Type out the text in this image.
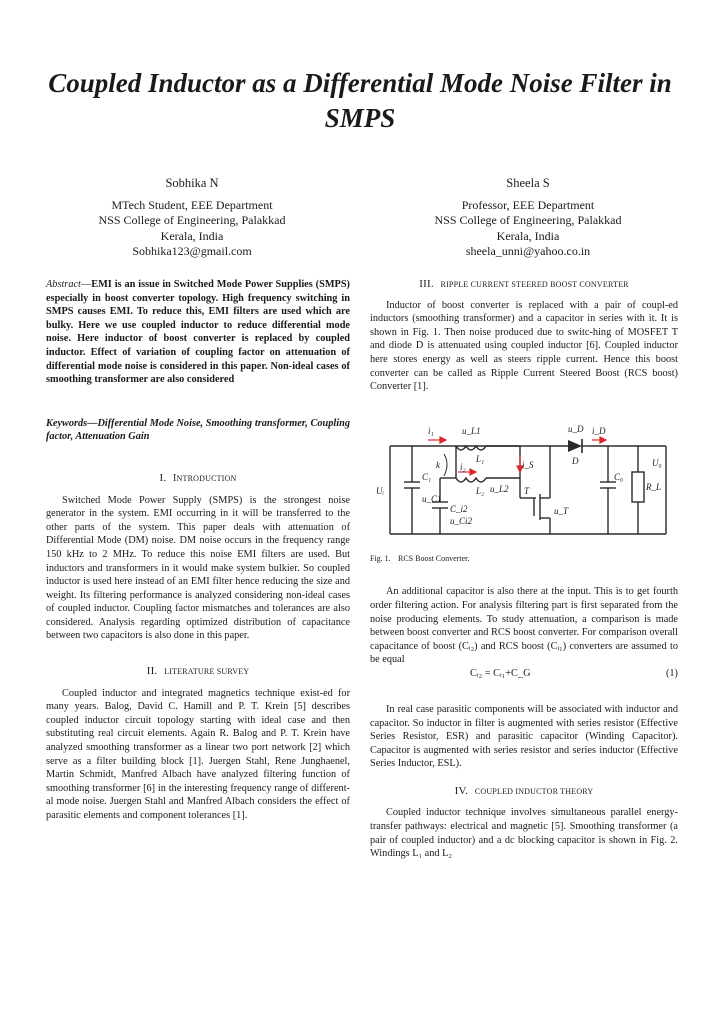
Coupled Inductor as a Differential Mode Noise Filter in SMPS
Sobhika N
MTech Student, EEE Department
NSS College of Engineering, Palakkad
Kerala, India
Sobhika123@gmail.com
Sheela S
Professor, EEE Department
NSS College of Engineering, Palakkad
Kerala, India
sheela_unni@yahoo.co.in

Abstract—EMI is an issue in Switched Mode Power Supplies (SMPS) especially in boost converter topology. High frequency switching in SMPS causes EMI. To reduce this, EMI filters are used which are bulky. Here we use coupled inductor to reduce differential mode noise. Here inductor of boost converter is replaced by coupled inductor. Effect of variation of coupling factor on attenuation of differential mode noise is considered in this paper. Non-ideal cases of smoothing transformer are also considered

Keywords—Differential Mode Noise, Smoothing transformer, Coupling factor, Attenuation Gain

I. INTRODUCTION

Switched Mode Power Supply (SMPS) is the strongest noise generator in the system. EMI occurring in it will be transferred to the other parts of the system. This paper deals with attenuation of Differential Mode (DM) noise. DM noise occurs in the frequency range 150 kHz to 2 MHz. To reduce this noise EMI filters are used. But inductors and transformers in it would make system bulkier. So coupled inductor is used here instead of an EMI filter hence reducing the size and weight. Its filtering performance is analyzed considering non-ideal cases of coupled inductor. Coupling factor mismatches and tolerances are also considered. Analysis regarding optimized distribution of capacitance between two capacitors is also done in this paper.

II. LITERATURE SURVEY

Coupled inductor and integrated magnetics technique exist-ed for many years. Balog, David C. Hamill and P. T. Krein [5] describes coupled inductor circuit topology starting with ideal case and then substituting real circuit elements. Again R. Balog and P. T. Krein have analyzed smoothing transformer as a linear two port network [2] which serve as a filter building block [1]. Juergen Stahl, Rene Junghaenel, Martin Schmidt, Manfred Albach have analyzed filtering function of smoothing transformer [6] in the interesting frequency range of different-al mode noise. Juergen Stahl and Manfred Albach considers the effect of parasitic elements and component tolerances [1].

III. RIPPLE CURRENT STEERED BOOST CONVERTER

Inductor of boost converter is replaced with a pair of coupl-ed inductors (smoothing transformer) and a capacitor in series with it. It is shown in Fig. 1. Then noise produced due to switc-hing of MOSFET T and diode D is attenuated using coupled inductor [6]. Coupled inductor here stores energy as well as steers ripple current. Hence this boost converter can be called as Ripple Current Steered Boost (RCS boost) Converter [1].

Uᵢ
C₁
u_C1
C_i2
u_Ci2
i₁	u_L1
k
L₁
L₂
i₂
u_L2 T
u_T
i_S	D
i_D
u_D
C₀
R_L
U₀

Fig. 1. RCS Boost Converter.

An additional capacitor is also there at the input. This is to get fourth order filtering action. For analysis filtering part is first separated from the noise producing elements. To study attenuation, a comparison is made between boost converter and RCS boost converter. For comparison overall capacitance of boost (Cᵢ₂) and RCS boost (Cᵢ₁) converters are assumed to be equal

Cᵢ₂ = Cᵢ₁+C_G	(1)

In real case parasitic components will be associated with inductor and capacitor. So inductor in filter is augmented with series resistor (Effective Series Resistor, ESR) and parasitic capacitor (Winding Capacitor). Capacitor is augmented with series resistor and series inductor (Effective Series Inductor, ESL).

IV. COUPLED INDUCTOR THEORY

Coupled inductor technique involves simultaneous parallel energy-transfer pathways: electrical and magnetic [5]. Smoothing transformer (a pair of coupled inductor) and a dc blocking capacitor is shown in Fig. 2. Windings L₁ and L₂
